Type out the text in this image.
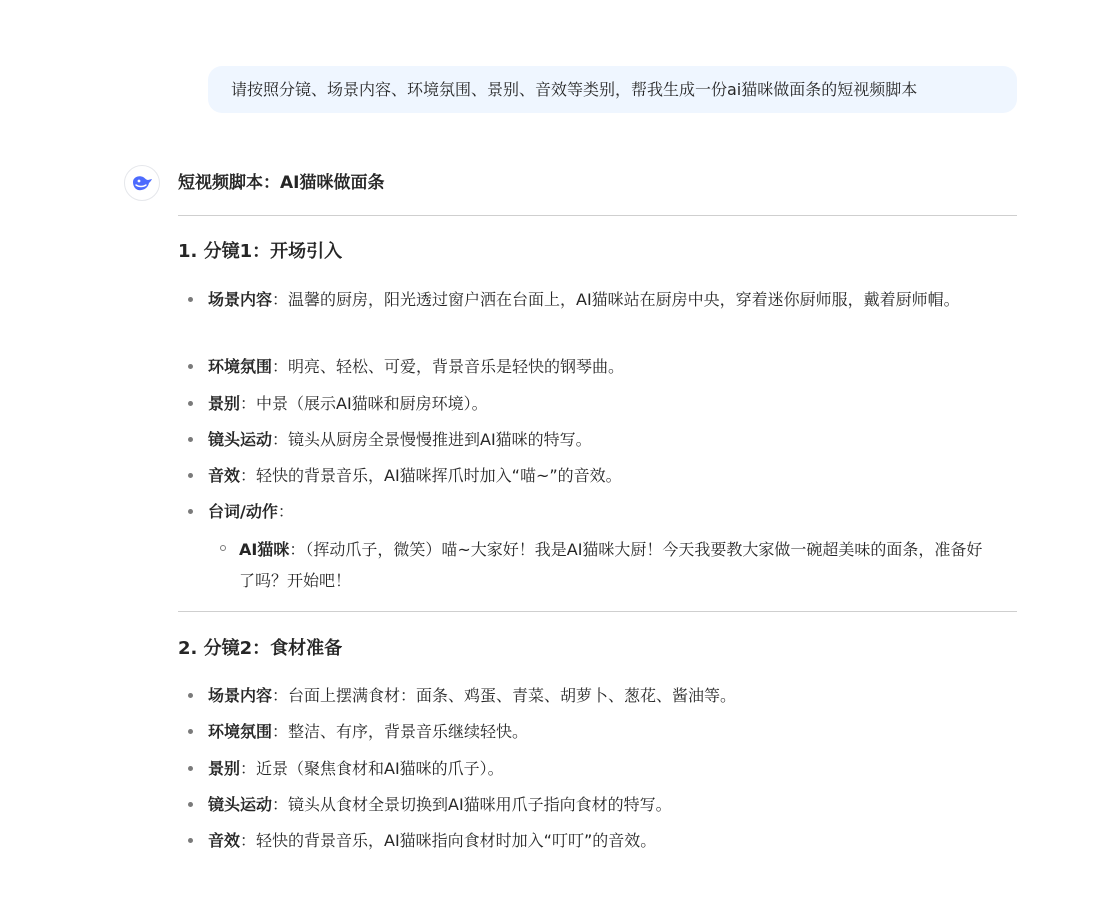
请按照分镜、场景内容、环境氛围、景别、音效等类别，帮我生成一份ai猫咪做面条的短视频脚本
短视频脚本：AI猫咪做面条
1. 分镜1：开场引入
场景内容：温馨的厨房，阳光透过窗户洒在台面上，AI猫咪站在厨房中央，穿着迷你厨师服，戴着厨师帽。
环境氛围：明亮、轻松、可爱，背景音乐是轻快的钢琴曲。
景别：中景（展示AI猫咪和厨房环境）。
镜头运动：镜头从厨房全景慢慢推进到AI猫咪的特写。
音效：轻快的背景音乐，AI猫咪挥爪时加入“喵~”的音效。
台词/动作：
AI猫咪：（挥动爪子，微笑）喵~大家好！我是AI猫咪大厨！今天我要教大家做一碗超美味的面条，准备好了吗？开始吧！
2. 分镜2：食材准备
场景内容：台面上摆满食材：面条、鸡蛋、青菜、胡萝卜、葱花、酱油等。
环境氛围：整洁、有序，背景音乐继续轻快。
景别：近景（聚焦食材和AI猫咪的爪子）。
镜头运动：镜头从食材全景切换到AI猫咪用爪子指向食材的特写。
音效：轻快的背景音乐，AI猫咪指向食材时加入“叮叮”的音效。
